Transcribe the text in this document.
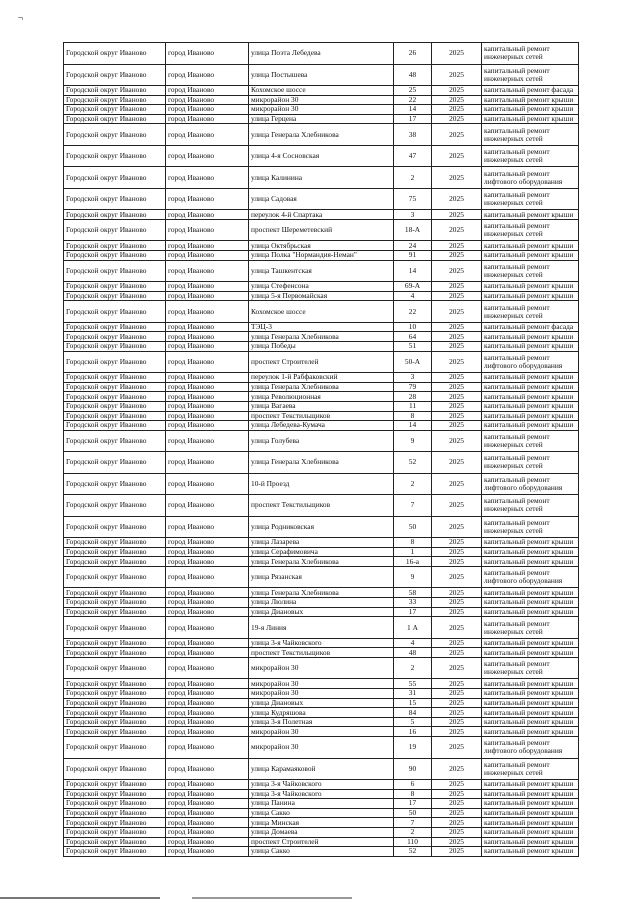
¬
Городской округ Иваново	город Иваново	улица Поэта Лебедева	26	2025	капитальный ремонт инженерных сетей
Городской округ Иваново	город Иваново	улица Постышева	48	2025	капитальный ремонт инженерных сетей
Городской округ Иваново	город Иваново	Кохомское шоссе	25	2025	капитальный ремонт фасада
Городской округ Иваново	город Иваново	микрорайон 30	22	2025	капитальный ремонт крыши
Городской округ Иваново	город Иваново	микрорайон 30	14	2025	капитальный ремонт крыши
Городской округ Иваново	город Иваново	улица Герцена	17	2025	капитальный ремонт крыши
Городской округ Иваново	город Иваново	улица Генерала Хлебникова	38	2025	капитальный ремонт инженерных сетей
Городской округ Иваново	город Иваново	улица 4-я Сосновская	47	2025	капитальный ремонт инженерных сетей
Городской округ Иваново	город Иваново	улица Калинина	2	2025	капитальный ремонт лифтового оборудования
Городской округ Иваново	город Иваново	улица Садовая	75	2025	капитальный ремонт инженерных сетей
Городской округ Иваново	город Иваново	переулок 4-й Спартака	3	2025	капитальный ремонт крыши
Городской округ Иваново	город Иваново	проспект Шереметевский	18-А	2025	капитальный ремонт инженерных сетей
Городской округ Иваново	город Иваново	улица Октябрьская	24	2025	капитальный ремонт крыши
Городской округ Иваново	город Иваново	улица Полка "Нормандия-Неман"	91	2025	капитальный ремонт крыши
Городской округ Иваново	город Иваново	улица Ташкентская	14	2025	капитальный ремонт инженерных сетей
Городской округ Иваново	город Иваново	улица Стефенсона	69-А	2025	капитальный ремонт крыши
Городской округ Иваново	город Иваново	улица 5-я Первомайская	4	2025	капитальный ремонт крыши
Городской округ Иваново	город Иваново	Кохомское шоссе	22	2025	капитальный ремонт инженерных сетей
Городской округ Иваново	город Иваново	ТЭЦ-3	10	2025	капитальный ремонт фасада
Городской округ Иваново	город Иваново	улица Генерала Хлебникова	64	2025	капитальный ремонт крыши
Городской округ Иваново	город Иваново	улица Победы	51	2025	капитальный ремонт крыши
Городской округ Иваново	город Иваново	проспект Строителей	50-А	2025	капитальный ремонт лифтового оборудования
Городской округ Иваново	город Иваново	переулок 1-й Рабфаковский	3	2025	капитальный ремонт крыши
Городской округ Иваново	город Иваново	улица Генерала Хлебникова	79	2025	капитальный ремонт крыши
Городской округ Иваново	город Иваново	улица Революционная	28	2025	капитальный ремонт крыши
Городской округ Иваново	город Иваново	улица Вагаева	11	2025	капитальный ремонт крыши
Городской округ Иваново	город Иваново	проспект Текстильщиков	8	2025	капитальный ремонт крыши
Городской округ Иваново	город Иваново	улица Лебедева-Кумача	14	2025	капитальный ремонт крыши
Городской округ Иваново	город Иваново	улица Голубева	9	2025	капитальный ремонт инженерных сетей
Городской округ Иваново	город Иваново	улица Генерала Хлебникова	52	2025	капитальный ремонт инженерных сетей
Городской округ Иваново	город Иваново	10-й Проезд	2	2025	капитальный ремонт лифтового оборудования
Городской округ Иваново	город Иваново	проспект Текстильщиков	7	2025	капитальный ремонт инженерных сетей
Городской округ Иваново	город Иваново	улица Родниковская	50	2025	капитальный ремонт инженерных сетей
Городской округ Иваново	город Иваново	улица Лазарева	8	2025	капитальный ремонт крыши
Городской округ Иваново	город Иваново	улица Серафимовича	1	2025	капитальный ремонт крыши
Городской округ Иваново	город Иваново	улица Генерала Хлебникова	16-а	2025	капитальный ремонт крыши
Городской округ Иваново	город Иваново	улица Рязанская	9	2025	капитальный ремонт лифтового оборудования
Городской округ Иваново	город Иваново	улица Генерала Хлебникова	58	2025	капитальный ремонт крыши
Городской округ Иваново	город Иваново	улица Люлина	33	2025	капитальный ремонт крыши
Городской округ Иваново	город Иваново	улица Диановых	17	2025	капитальный ремонт крыши
Городской округ Иваново	город Иваново	19-я Линия	1 А	2025	капитальный ремонт инженерных сетей
Городской округ Иваново	город Иваново	улица 3-я Чайковского	4	2025	капитальный ремонт крыши
Городской округ Иваново	город Иваново	проспект Текстильщиков	48	2025	капитальный ремонт крыши
Городской округ Иваново	город Иваново	микрорайон 30	2	2025	капитальный ремонт инженерных сетей
Городской округ Иваново	город Иваново	микрорайон 30	55	2025	капитальный ремонт крыши
Городской округ Иваново	город Иваново	микрорайон 30	31	2025	капитальный ремонт крыши
Городской округ Иваново	город Иваново	улица Диановых	15	2025	капитальный ремонт крыши
Городской округ Иваново	город Иваново	улица Кудряшова	84	2025	капитальный ремонт крыши
Городской округ Иваново	город Иваново	улица 3-я Полетная	5	2025	капитальный ремонт крыши
Городской округ Иваново	город Иваново	микрорайон 30	16	2025	капитальный ремонт крыши
Городской округ Иваново	город Иваново	микрорайон 30	19	2025	капитальный ремонт лифтового оборудования
Городской округ Иваново	город Иваново	улица Карамаяковой	90	2025	капитальный ремонт инженерных сетей
Городской округ Иваново	город Иваново	улица 3-я Чайковского	6	2025	капитальный ремонт крыши
Городской округ Иваново	город Иваново	улица 3-я Чайковского	8	2025	капитальный ремонт крыши
Городской округ Иваново	город Иваново	улица Панина	17	2025	капитальный ремонт крыши
Городской округ Иваново	город Иваново	улица Сакко	50	2025	капитальный ремонт крыши
Городской округ Иваново	город Иваново	улица Минская	7	2025	капитальный ремонт крыши
Городской округ Иваново	город Иваново	улица Домаева	2	2025	капитальный ремонт крыши
Городской округ Иваново	город Иваново	проспект Строителей	110	2025	капитальный ремонт крыши
Городской округ Иваново	город Иваново	улица Сакко	52	2025	капитальный ремонт крыши
